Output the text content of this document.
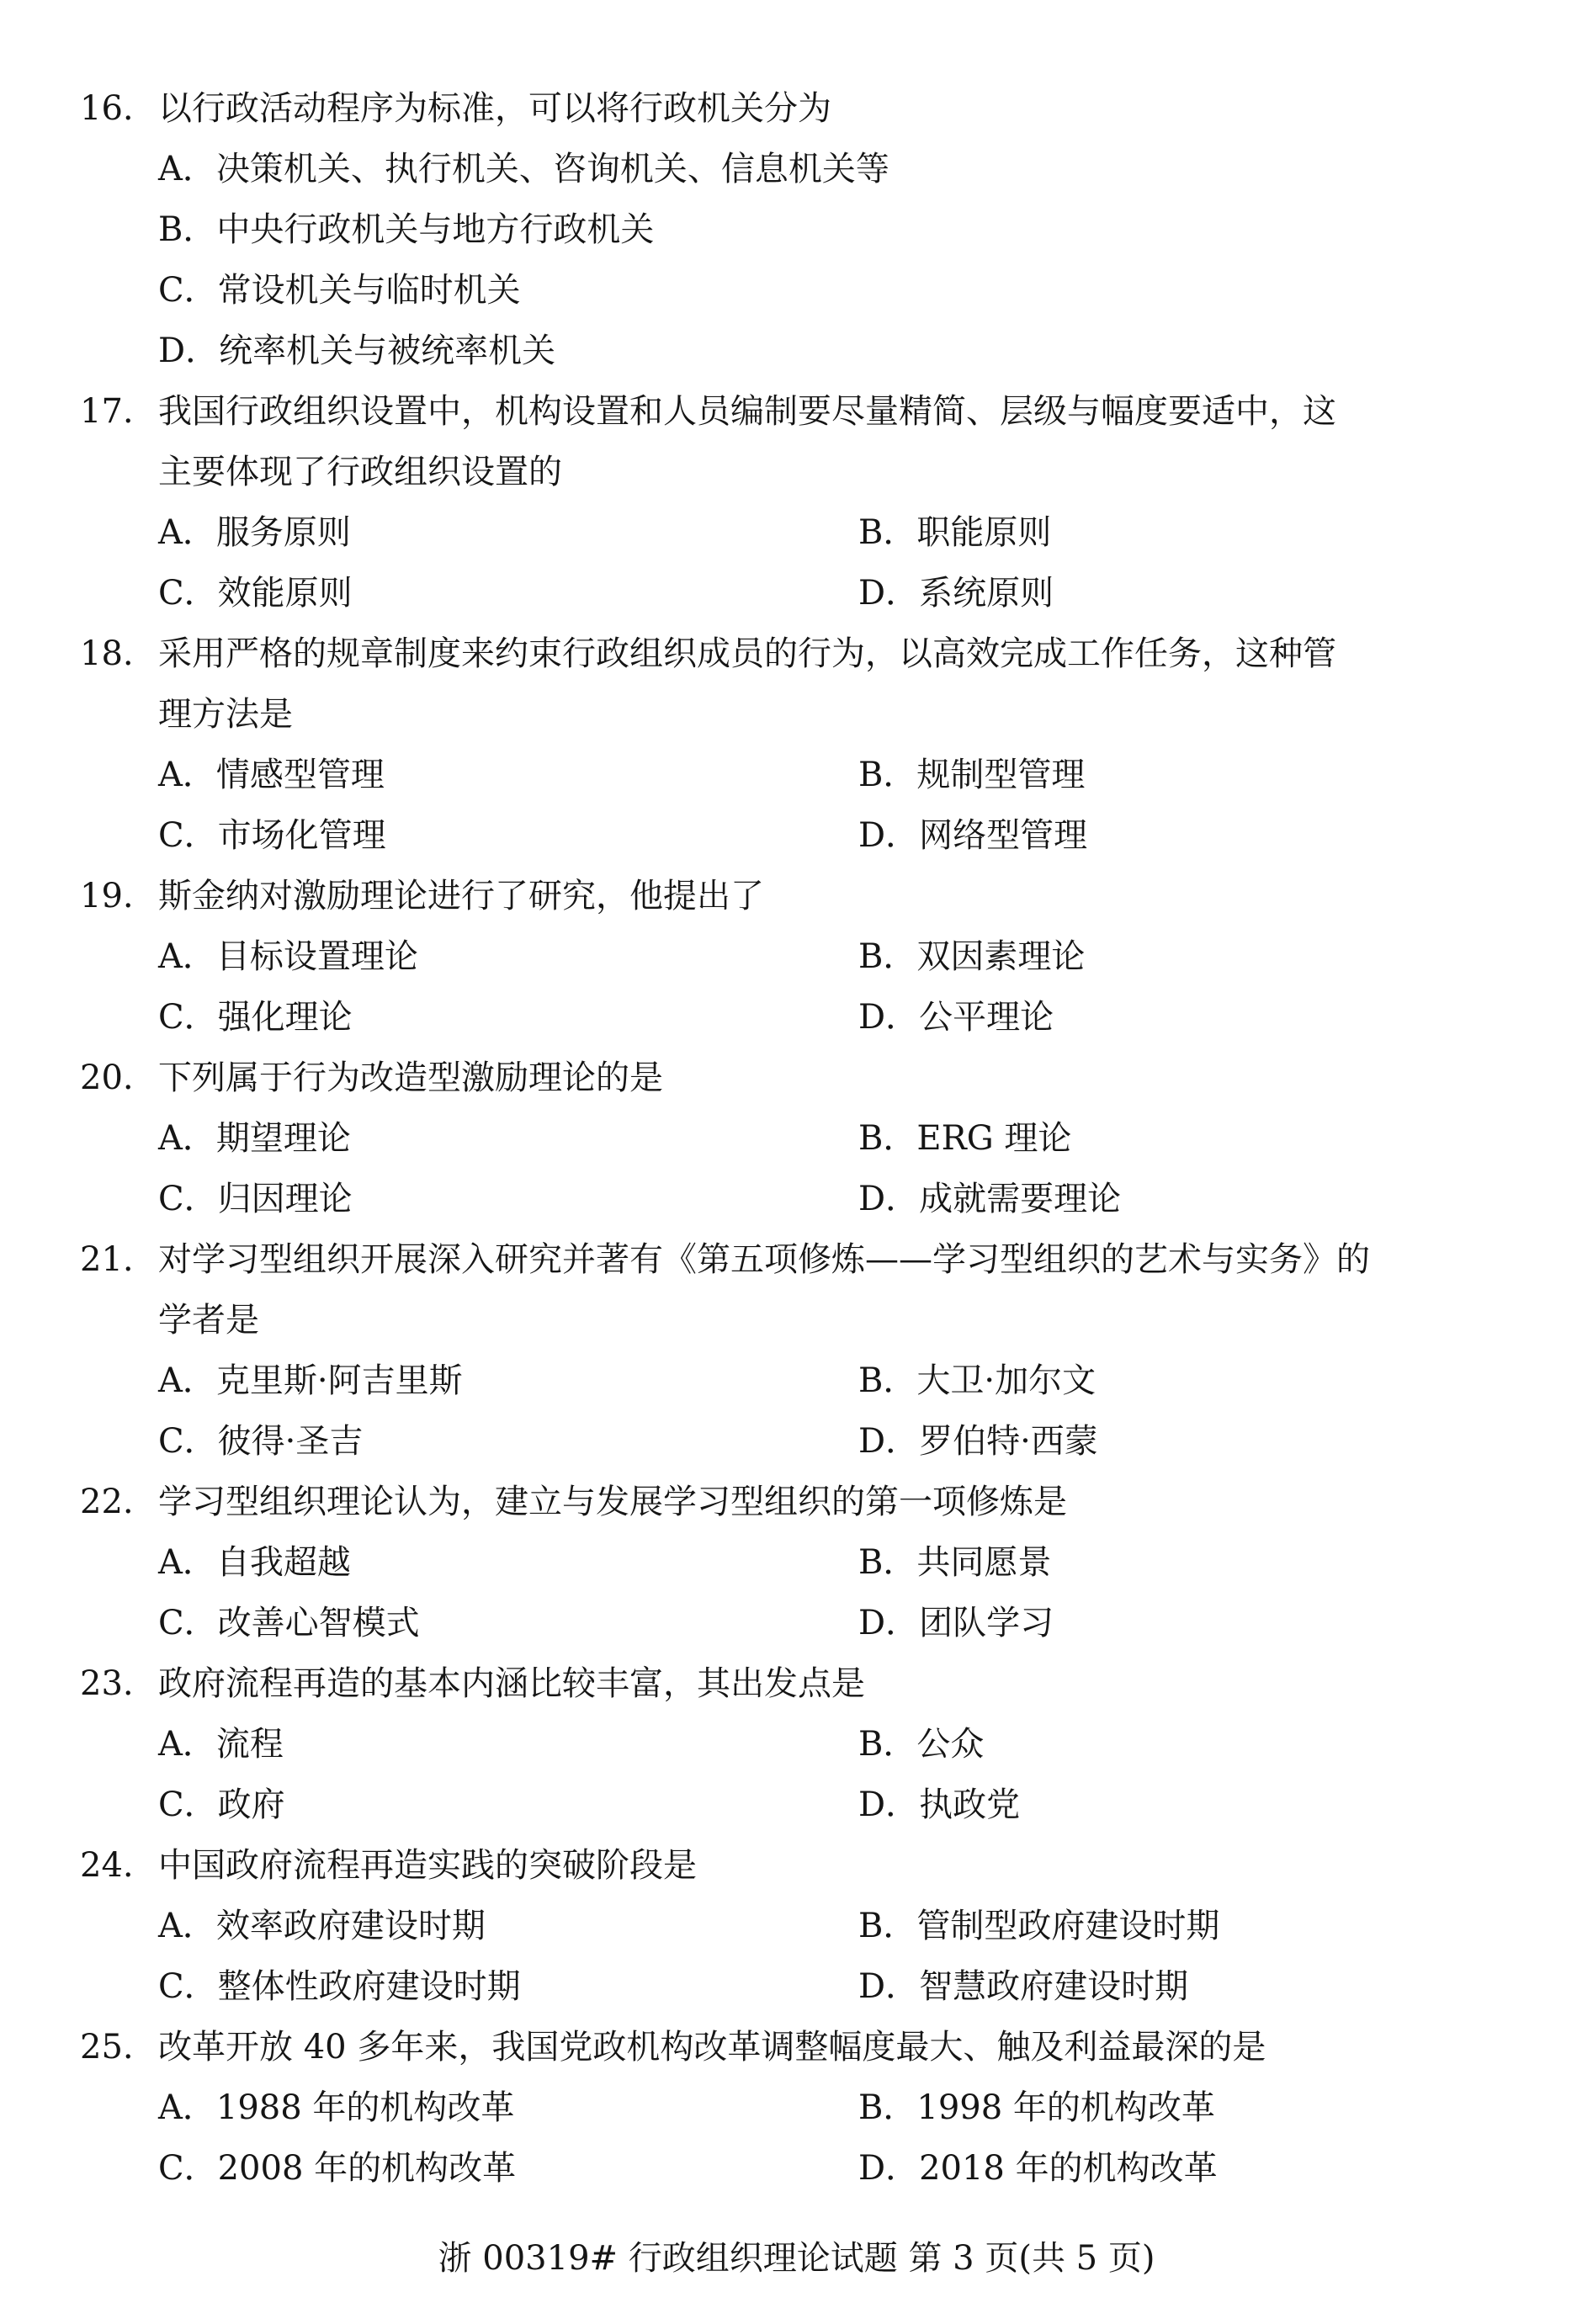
16. 以行政活动程序为标准，可以将行政机关分为
A．决策机关、执行机关、咨询机关、信息机关等
B．中央行政机关与地方行政机关
C．常设机关与临时机关
D．统率机关与被统率机关
17. 我国行政组织设置中，机构设置和人员编制要尽量精简、层级与幅度要适中，这
主要体现了行政组织设置的
A．服务原则	B．职能原则
C．效能原则	D．系统原则
18. 采用严格的规章制度来约束行政组织成员的行为，以高效完成工作任务，这种管
理方法是
A．情感型管理	B．规制型管理
C．市场化管理	D．网络型管理
19. 斯金纳对激励理论进行了研究，他提出了
A．目标设置理论	B．双因素理论
C．强化理论	D．公平理论
20. 下列属于行为改造型激励理论的是
A．期望理论	B．ERG 理论
C．归因理论	D．成就需要理论
21. 对学习型组织开展深入研究并著有《第五项修炼——学习型组织的艺术与实务》的
学者是
A．克里斯·阿吉里斯	B．大卫·加尔文
C．彼得·圣吉	D．罗伯特·西蒙
22. 学习型组织理论认为，建立与发展学习型组织的第一项修炼是
A．自我超越	B．共同愿景
C．改善心智模式	D．团队学习
23. 政府流程再造的基本内涵比较丰富，其出发点是
A．流程	B．公众
C．政府	D．执政党
24. 中国政府流程再造实践的突破阶段是
A．效率政府建设时期	B．管制型政府建设时期
C．整体性政府建设时期	D．智慧政府建设时期
25. 改革开放 40 多年来，我国党政机构改革调整幅度最大、触及利益最深的是
A．1988 年的机构改革	B．1998 年的机构改革
C．2008 年的机构改革	D．2018 年的机构改革
浙 00319# 行政组织理论试题 第 3 页(共 5 页)
